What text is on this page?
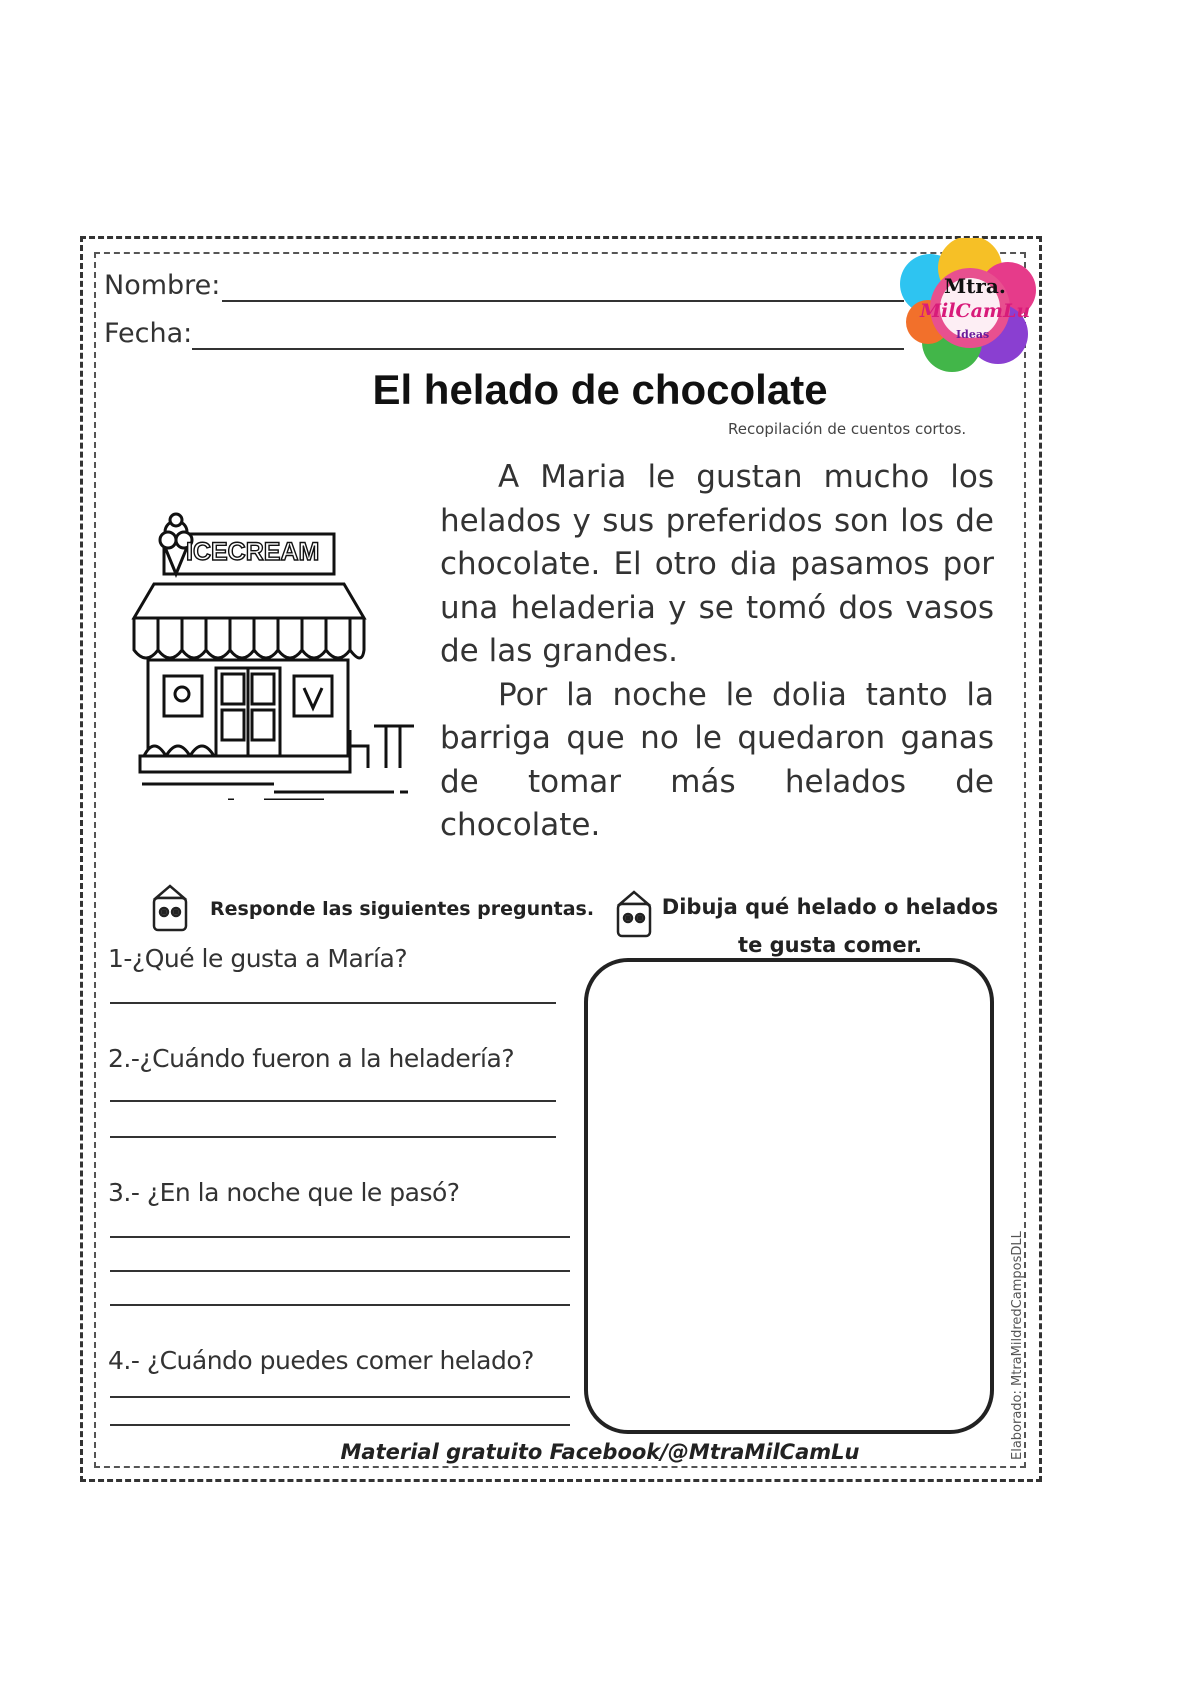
Nombre:
Fecha:
Mtra.
MilCamLu
Ideas
El helado de chocolate
Recopilación de cuentos cortos.
ICECREAM

A Maria le gustan mucho los helados y sus preferidos son los de chocolate. El otro dia pasamos por una heladeria y se tomó dos vasos de las grandes.

Por la noche le dolia tanto la barriga que no le quedaron ganas de tomar más helados de chocolate.

Responde las siguientes preguntas.
1-¿Qué le gusta a María?
2.-¿Cuándo fueron a la heladería?
3.- ¿En la noche que le pasó?
4.- ¿Cuándo puedes comer helado?
Dibuja qué helado o helados te gusta comer.
Material gratuito Facebook/@MtraMilCamLu	Elaborado: MtraMildredCamposDLL
